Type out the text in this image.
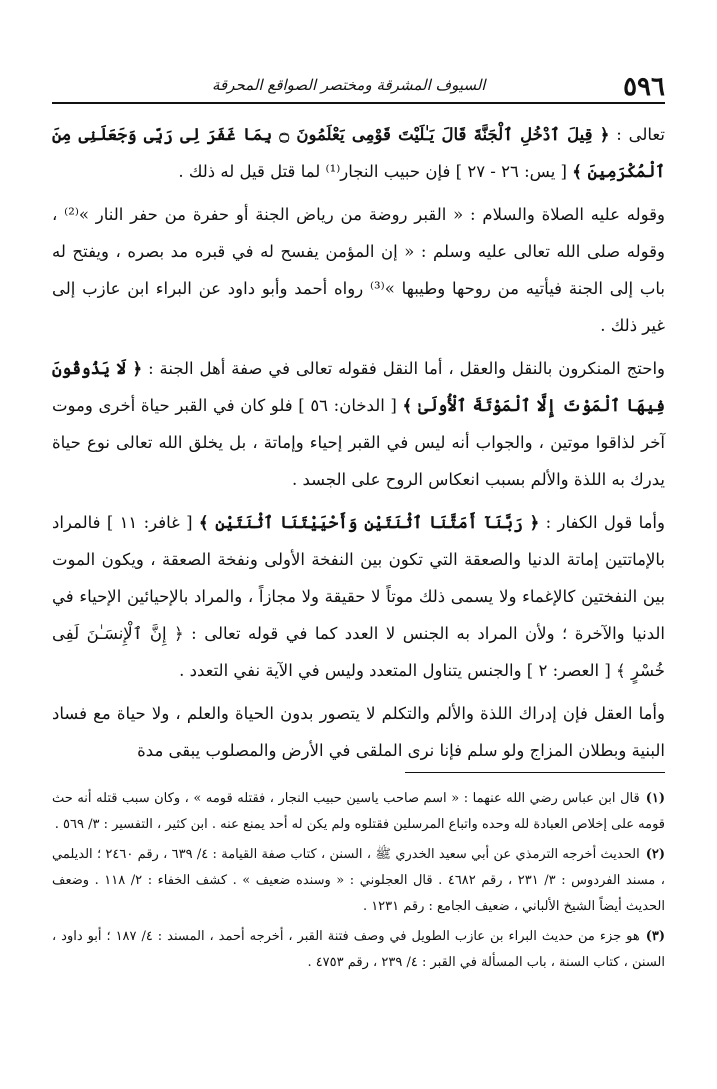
٥٩٦
السيوف المشرقة ومختصر الصواقع المحرقة

تعالى : ﴿ قِيلَ ٱدْخُلِ ٱلْجَنَّةَ قَالَ يَـٰلَيْتَ قَوْمِى يَعْلَمُونَ ۝ بِمَا غَفَرَ لِى رَبِّى وَجَعَلَنِى مِنَ ٱلْمُكْرَمِينَ ﴾ [ يس: ٢٦ - ٢٧ ] فإن حبيب النجار⁽¹⁾ لما قتل قيل له ذلك .

وقوله عليه الصلاة والسلام : « القبر روضة من رياض الجنة أو حفرة من حفر النار »⁽²⁾ ، وقوله صلى الله تعالى عليه وسلم : « إن المؤمن يفسح له في قبره مد بصره ، ويفتح له باب إلى الجنة فيأتيه من روحها وطيبها »⁽³⁾ رواه أحمد وأبو داود عن البراء ابن عازب إلى غير ذلك .

واحتج المنكرون بالنقل والعقل ، أما النقل فقوله تعالى في صفة أهل الجنة : ﴿ لَا يَذُوقُونَ فِيهَا ٱلْمَوْتَ إِلَّا ٱلْمَوْتَةَ ٱلْأُولَىٰ ﴾ [ الدخان: ٥٦ ] فلو كان في القبر حياة أخرى وموت آخر لذاقوا موتين ، والجواب أنه ليس في القبر إحياء وإماتة ، بل يخلق الله تعالى نوع حياة يدرك به اللذة والألم بسبب انعكاس الروح على الجسد .

وأما قول الكفار : ﴿ رَبَّنَآ أَمَتَّنَا ٱثْنَتَيْنِ وَأَحْيَيْتَنَا ٱثْنَتَيْنِ ﴾ [ غافر: ١١ ] فالمراد بالإماتتين إماتة الدنيا والصعقة التي تكون بين النفخة الأولى ونفخة الصعقة ، ويكون الموت بين النفختين كالإغماء ولا يسمى ذلك موتاً لا حقيقة ولا مجازاً ، والمراد بالإحيائين الإحياء في الدنيا والآخرة ؛ ولأن المراد به الجنس لا العدد كما في قوله تعالى : ﴿ إِنَّ ٱلْإِنسَـٰنَ لَفِى خُسْرٍ ﴾ [ العصر: ٢ ] والجنس يتناول المتعدد وليس في الآية نفي التعدد .

وأما العقل فإن إدراك اللذة والألم والتكلم لا يتصور بدون الحياة والعلم ، ولا حياة مع فساد البنية وبطلان المزاج ولو سلم فإنا نرى الملقى في الأرض والمصلوب يبقى مدة

(١)قال ابن عباس رضي الله عنهما : « اسم صاحب ياسين حبيب النجار ، فقتله قومه » ، وكان سبب قتله أنه حث قومه على إخلاص العبادة لله وحده واتباع المرسلين فقتلوه ولم يكن له أحد يمنع عنه . ابن كثير ، التفسير : ٣/ ٥٦٩ .

(٢)الحديث أخرجه الترمذي عن أبي سعيد الخدري ﷺ ، السنن ، كتاب صفة القيامة : ٤/ ٦٣٩ ، رقم ٢٤٦٠ ؛ الديلمي ، مسند الفردوس : ٣/ ٢٣١ ، رقم ٤٦٨٢ . قال العجلوني : « وسنده ضعيف » . كشف الخفاء : ٢/ ١١٨ . وضعف الحديث أيضاً الشيخ الألباني ، ضعيف الجامع : رقم ١٢٣١ .

(٣)هو جزء من حديث البراء بن عازب الطويل في وصف فتنة القبر ، أخرجه أحمد ، المسند : ٤/ ١٨٧ ؛ أبو داود ، السنن ، كتاب السنة ، باب المسألة في القبر : ٤/ ٢٣٩ ، رقم ٤٧٥٣ .
